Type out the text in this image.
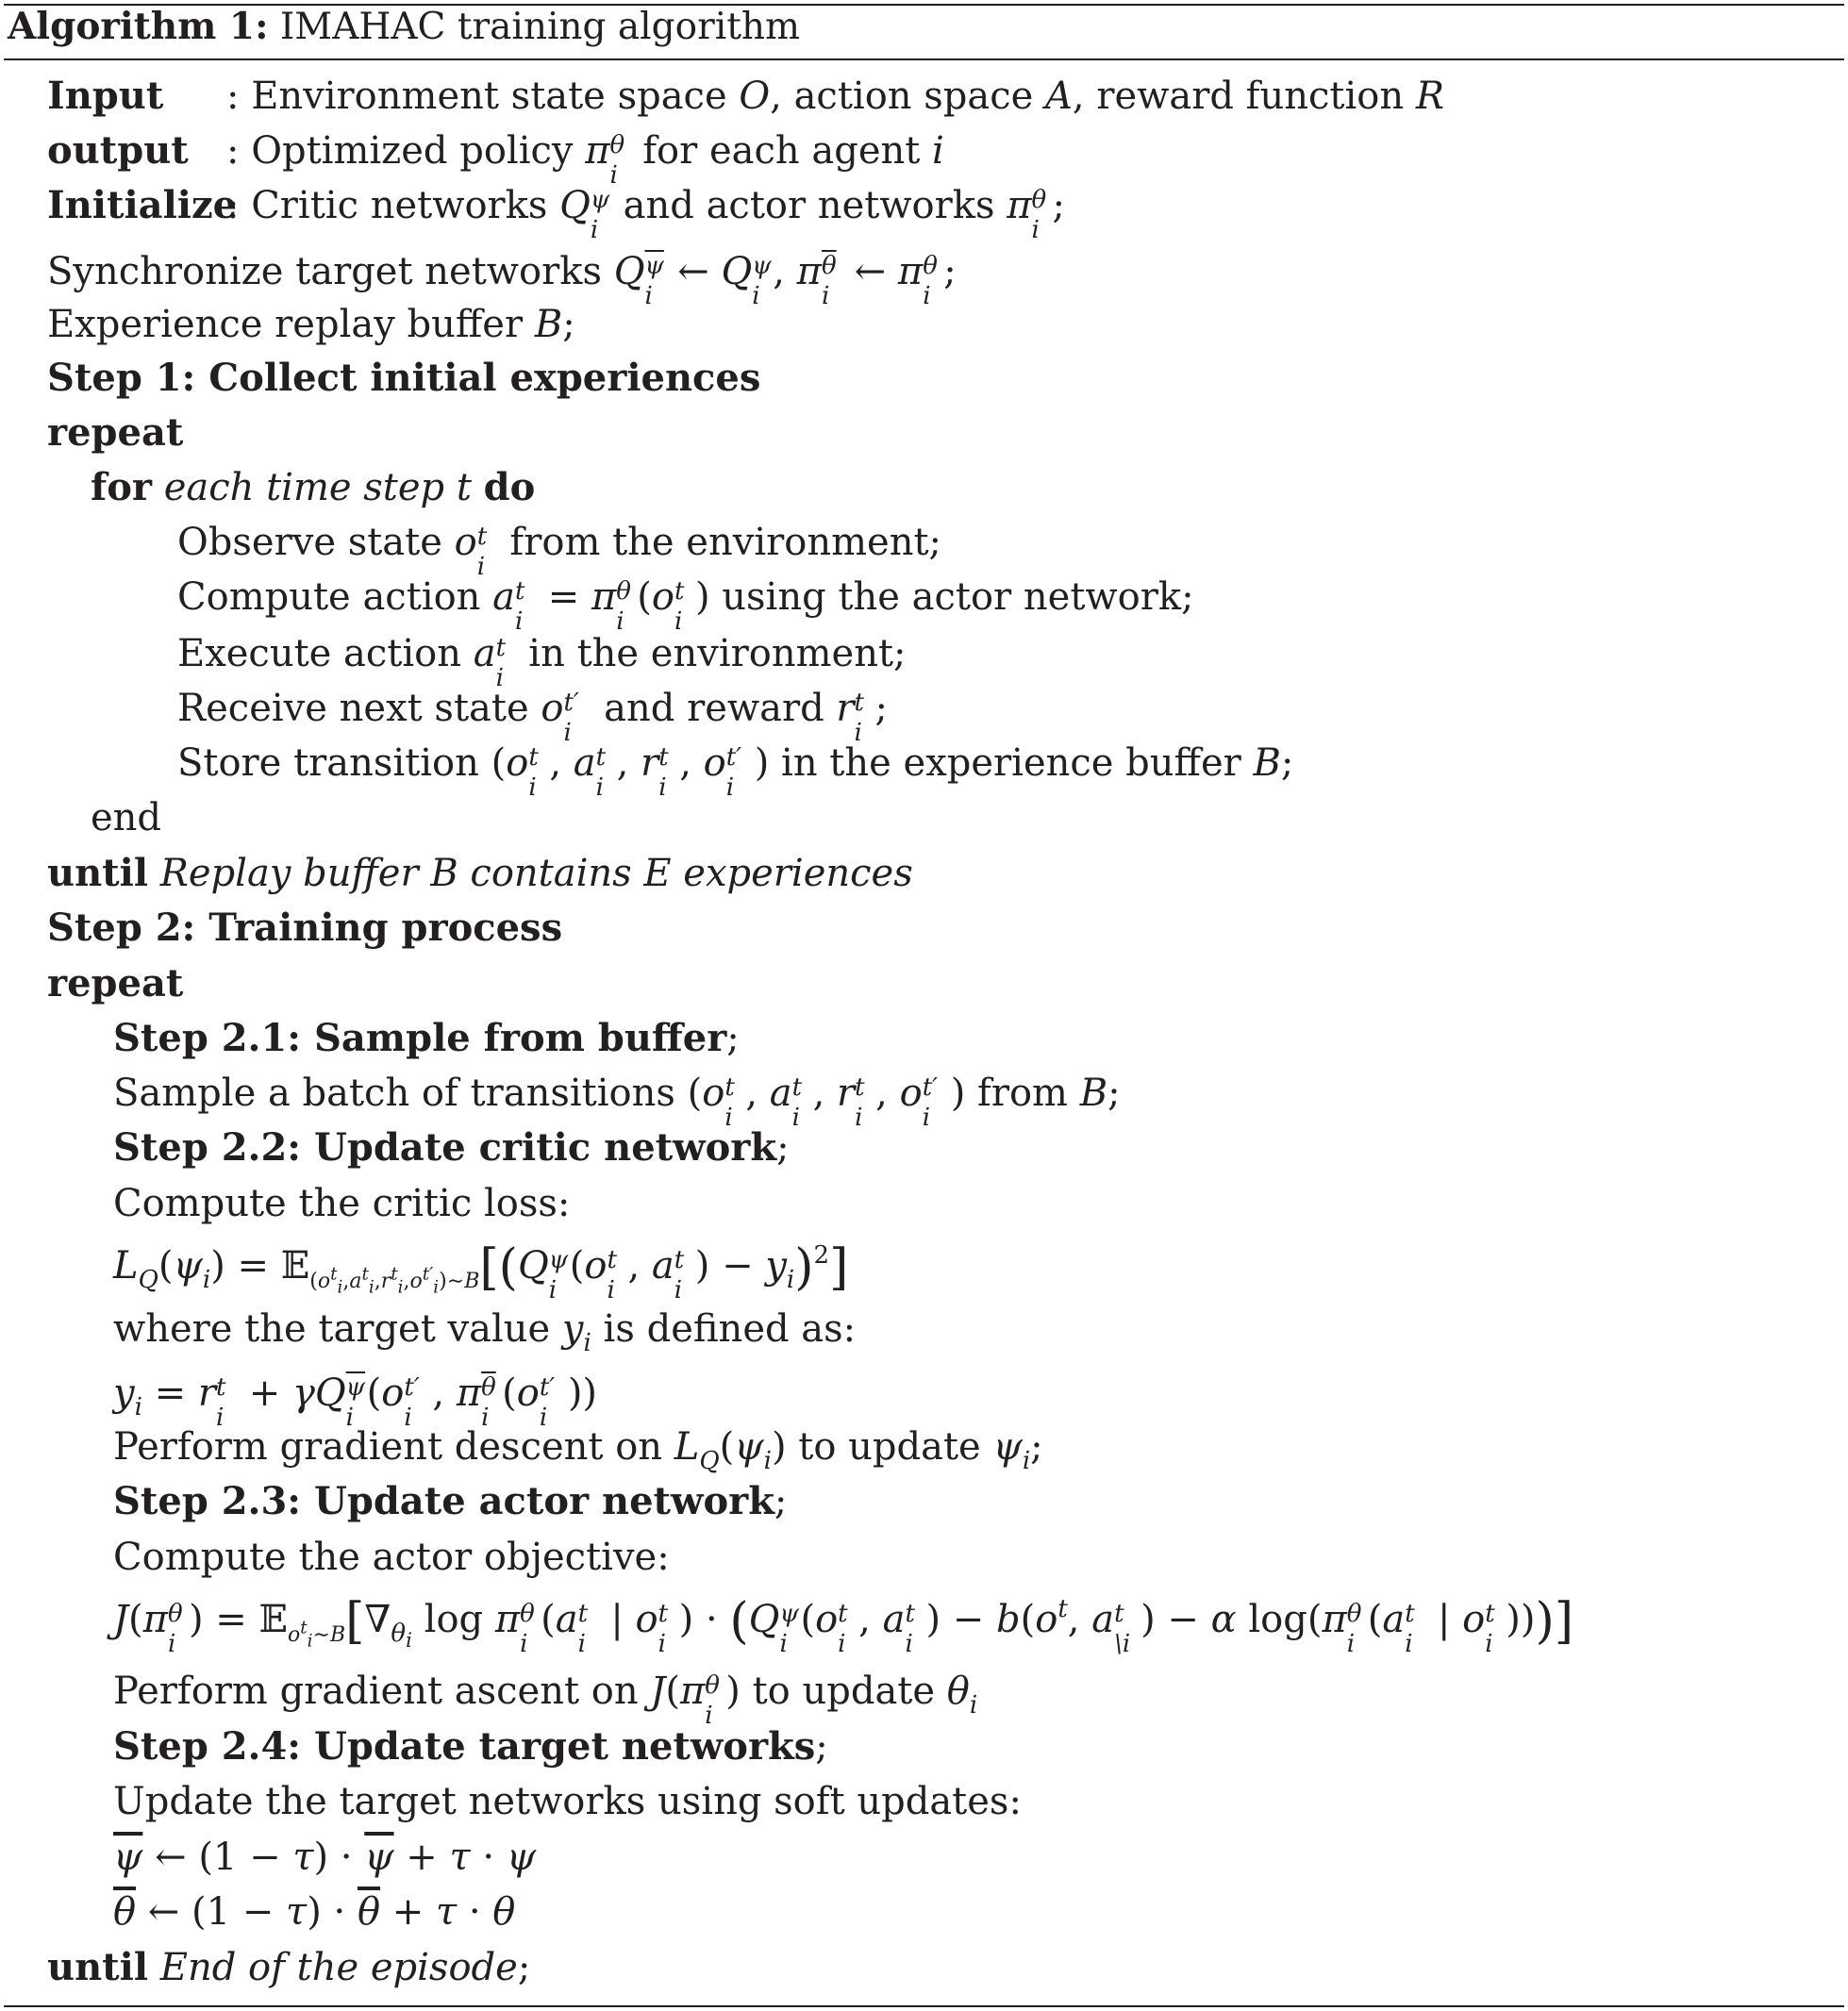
Algorithm 1: IMAHAC training algorithm
Input : Environment state space O, action space A, reward function R
output : Optimized policy π θ
i
for each agent i
Initialize: Critic networks Q ψ
i
and actor networks π θ
i
;
Synchronize target networks Q $\overline{\psi}$
i
← Q ψ
i
, π $\overline{\theta}$
i
← π θ
i
;
Experience replay buffer B;
Step 1: Collect initial experiences
repeat
for each time step t do
Observe state o t
i
from the environment;
Compute action a t
i
= π θ
i
(o t
i
) using the actor network;
Execute action a t
i
in the environment;
Receive next state o t′
i
and reward r t
i
;
Store transition (o t
i
, a t
i
, r t
i
, o t′
i
) in the experience buffer B;
end
until Replay buffer B contains E experiences
Step 2: Training process
repeat
Step 2.1: Sample from buffer;
Sample a batch of transitions (o t
i
, a t
i
, r t
i
, o t′
i
) from B;
Step 2.2: Update critic network;
Compute the critic loss:
$L_Q(\psi_i)$ = 𝔼$_{(o^t_i,a^t_i,r^t_i,o^{t'}_i)\sim B}$[(Q ψ
i
(o t
i
, a t
i
) − $y_i)^2$]
where the target value $y_i$ is defined as:
$y_i = r$ t
i
+ γQ $\overline{\psi}$
i
(o t′
i
, π $\overline{\theta}$
i
(o t′
i
))
Perform gradient descent on $L_Q(\psi_i)$ to update $\psi_i$;
Step 2.3: Update actor network;
Compute the actor objective:
J(π θ
i
) = $𝔼_{o^t_i\sim B}[\nabla_{\theta_i}$ log π θ
i
(a t
i
| o t
i
) · (Q ψ
i
(o t
i
, a t
i
) − $b(o^t$, a t
\i
) − α log(π θ
i
(a t
i
| o t
i
)))]
Perform gradient ascent on J(π θ
i
) to update $\theta_i$
Step 2.4: Update target networks;
Update the target networks using soft updates:
$\overline{\psi}$ ← $(1 - \tau) \cdot \overline{\psi} + \tau \cdot \psi$
$\overline{\theta}$ ← $(1 - \tau) \cdot \overline{\theta} + \tau \cdot \theta$
until End of the episode;
